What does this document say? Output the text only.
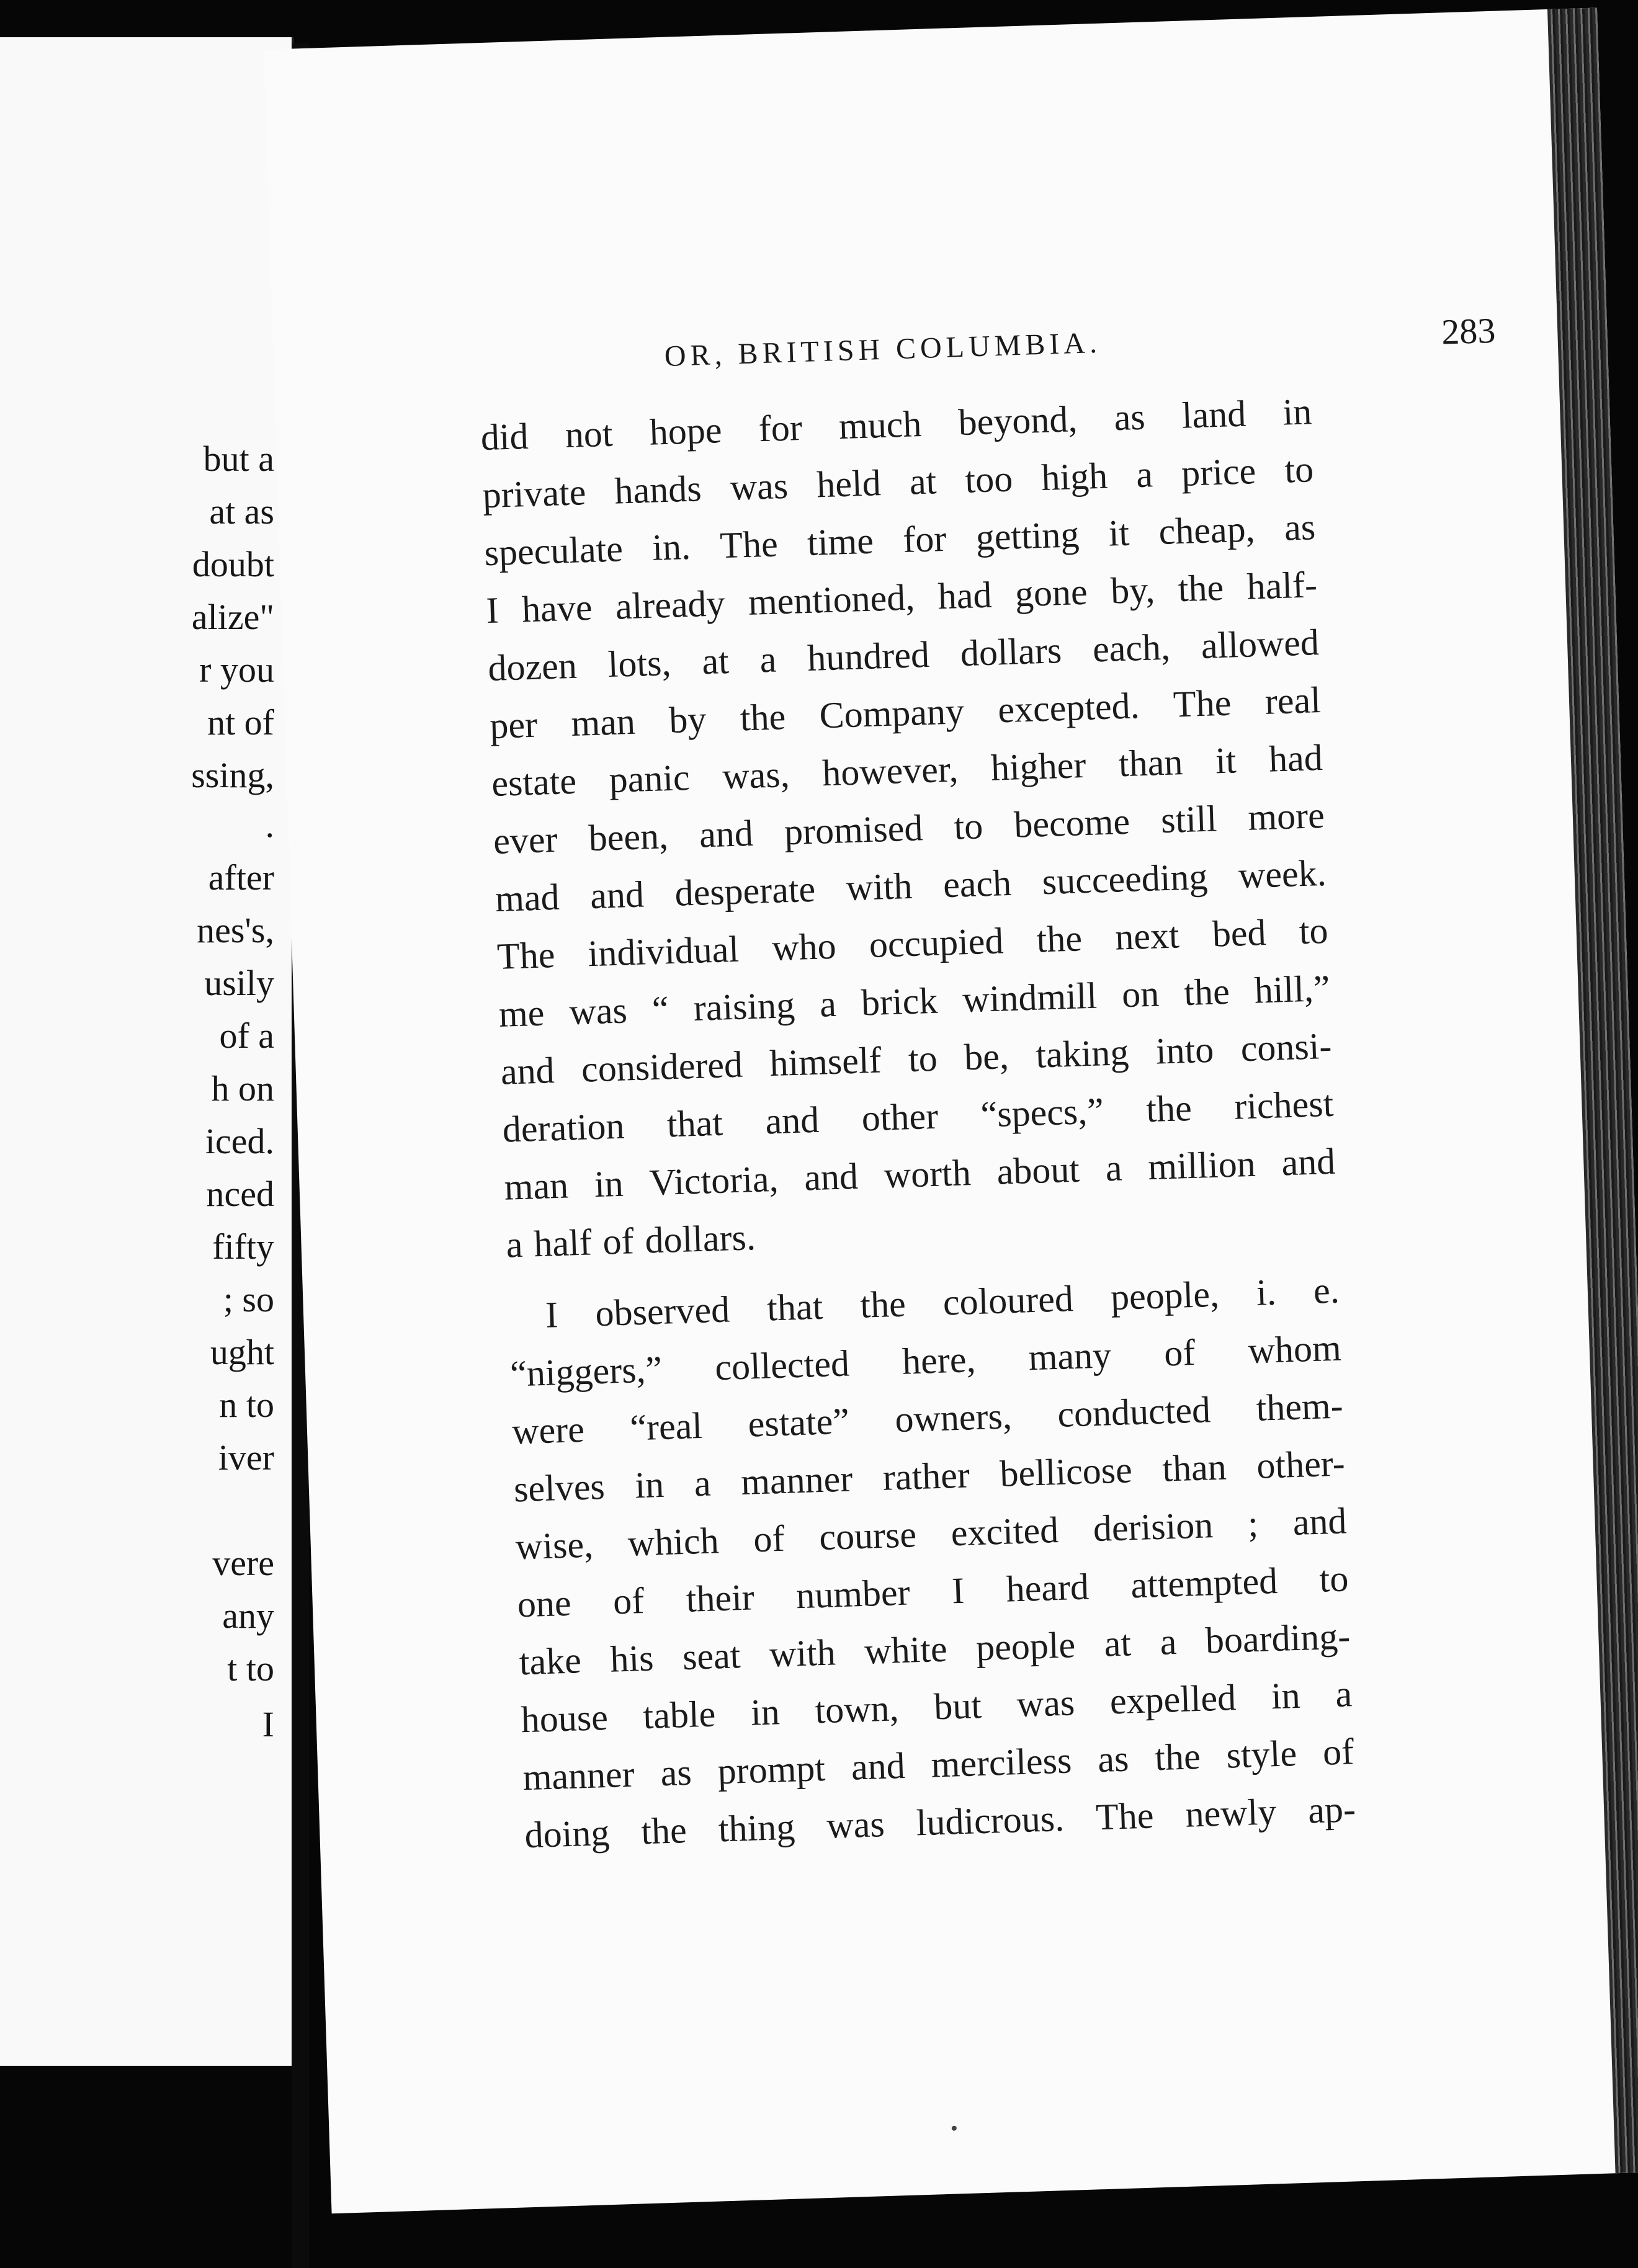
but a
at as
doubt
alize"
r you
nt of
ssing,
.
after
nes's,
usily
of a
h on
iced.
nced
fifty
; so
ught
n to
iver
vere
any
t to
I
OR, BRITISH COLUMBIA.	283
did not hope for much beyond, as land in
private hands was held at too high a price to
speculate in. The time for getting it cheap, as
I have already mentioned, had gone by, the half-
dozen lots, at a hundred dollars each, allowed
per man by the Company excepted. The real
estate panic was, however, higher than it had
ever been, and promised to become still more
mad and desperate with each succeeding week.
The individual who occupied the next bed to
me was “ raising a brick windmill on the hill,”
and considered himself to be, taking into consi-
deration that and other “specs,” the richest
man in Victoria, and worth about a million and
a half of dollars.
I observed that the coloured people, i. e.
“niggers,” collected here, many of whom
were “real estate” owners, conducted them-
selves in a manner rather bellicose than other-
wise, which of course excited derision ; and
one of their number I heard attempted to
take his seat with white people at a boarding-
house table in town, but was expelled in a
manner as prompt and merciless as the style of
doing the thing was ludicrous. The newly ap-
